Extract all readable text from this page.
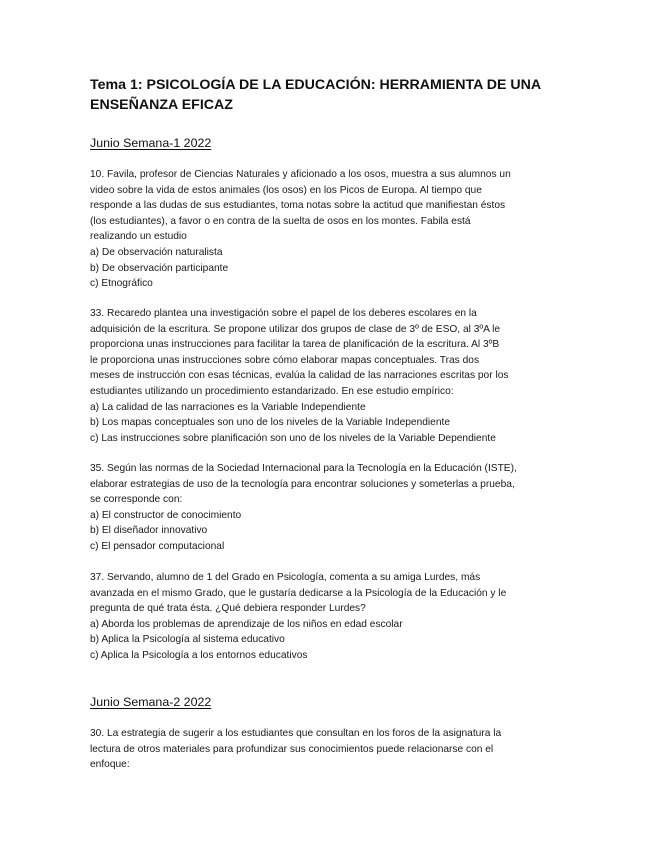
Tema 1: PSICOLOGÍA DE LA EDUCACIÓN: HERRAMIENTA DE UNA
ENSEÑANZA EFICAZ
Junio Semana-1 2022
10. Favila, profesor de Ciencias Naturales y aficionado a los osos, muestra a sus alumnos un
video sobre la vida de estos animales (los osos) en los Picos de Europa. Al tiempo que
responde a las dudas de sus estudiantes, toma notas sobre la actitud que manifiestan éstos
(los estudiantes), a favor o en contra de la suelta de osos en los montes. Fabila está
realizando un estudio
a) De observación naturalista
b) De observación participante
c) Etnográfico
33. Recaredo plantea una investigación sobre el papel de los deberes escolares en la
adquisición de la escritura. Se propone utilizar dos grupos de clase de 3º de ESO, al 3ºA le
proporciona unas instrucciones para facilitar la tarea de planificación de la escritura. Al 3ºB
le proporciona unas instrucciones sobre cómo elaborar mapas conceptuales. Tras dos
meses de instrucción con esas técnicas, evalúa la calidad de las narraciones escritas por los
estudiantes utilizando un procedimiento estandarizado. En ese estudio empírico:
a) La calidad de las narraciones es la Variable Independiente
b) Los mapas conceptuales son uno de los niveles de la Variable Independiente
c) Las instrucciones sobre planificación son uno de los niveles de la Variable Dependiente
35. Según las normas de la Sociedad Internacional para la Tecnología en la Educación (ISTE),
elaborar estrategias de uso de la tecnología para encontrar soluciones y someterlas a prueba,
se corresponde con:
a) El constructor de conocimiento
b) El diseñador innovativo
c) El pensador computacional
37. Servando, alumno de 1 del Grado en Psicología, comenta a su amiga Lurdes, más
avanzada en el mismo Grado, que le gustaría dedicarse a la Psicología de la Educación y le
pregunta de qué trata ésta. ¿Qué debiera responder Lurdes?
a) Aborda los problemas de aprendizaje de los niños en edad escolar
b) Aplica la Psicología al sistema educativo
c) Aplica la Psicología a los entornos educativos
Junio Semana-2 2022
30. La estrategia de sugerir a los estudiantes que consultan en los foros de la asignatura la
lectura de otros materiales para profundizar sus conocimientos puede relacionarse con el
enfoque:
